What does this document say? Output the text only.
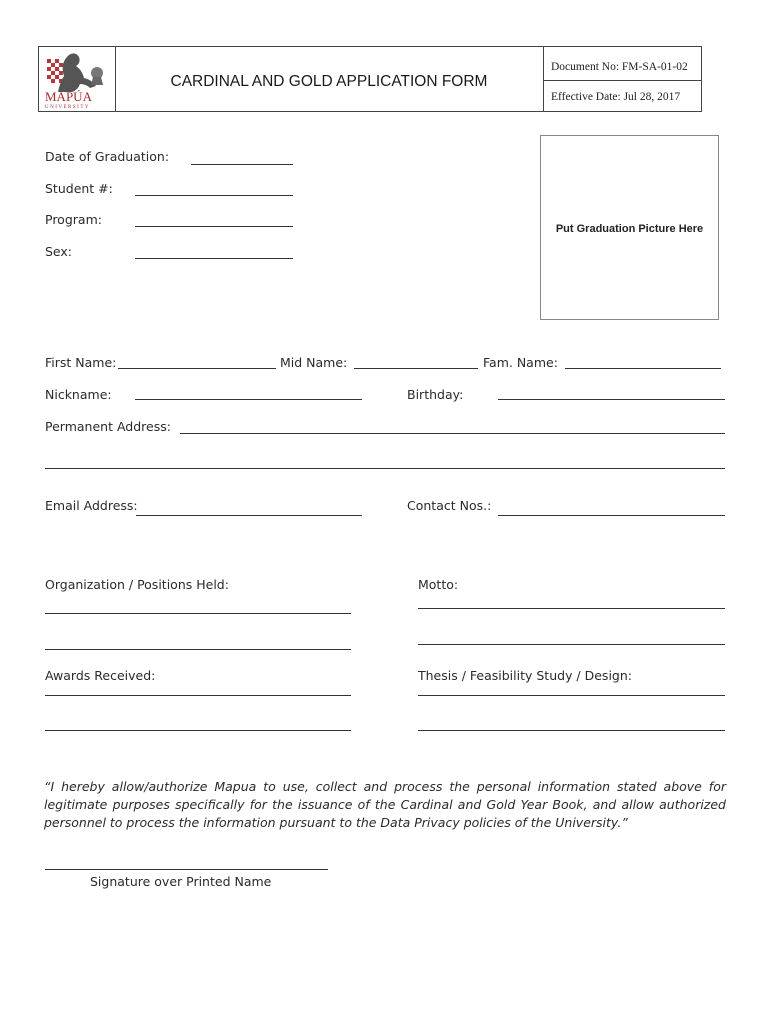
MAPÚA
UNIVERSITY
CARDINAL AND GOLD APPLICATION FORM
Document No: FM-SA-01-02
Effective Date: Jul 28, 2017
Put Graduation Picture Here
Date of Graduation:
Student #:
Program:
Sex:
First Name:	Mid Name:	Fam. Name:
Nickname:	Birthday:
Permanent Address:
Email Address:	Contact Nos.:
Organization / Positions Held:	Motto:
Awards Received:	Thesis / Feasibility Study / Design:
“I hereby allow/authorize Mapua to use, collect and process the personal information stated above for legitimate purposes specifically for the issuance of the Cardinal and Gold Year Book, and allow authorized personnel to process the information pursuant to the Data Privacy policies of the University.”
Signature over Printed Name
